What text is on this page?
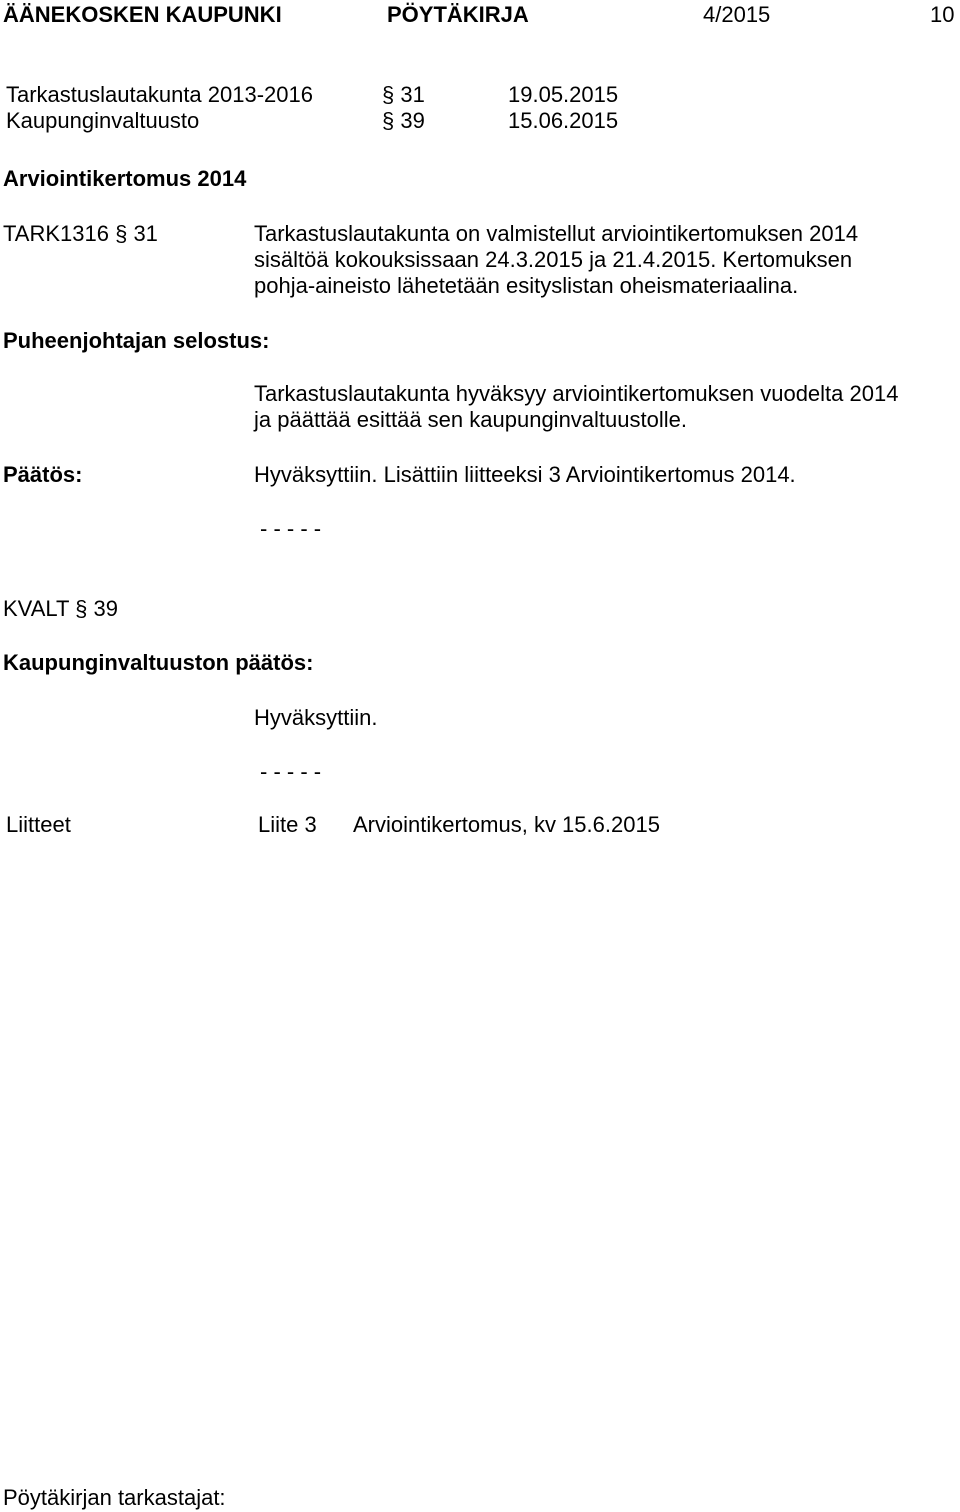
ÄÄNEKOSKEN KAUPUNKI	PÖYTÄKIRJA	4/2015	10
Tarkastuslautakunta 2013-2016	§ 31	19.05.2015
Kaupunginvaltuusto	§ 39	15.06.2015
Arviointikertomus 2014
TARK1316 § 31	Tarkastuslautakunta on valmistellut arviointikertomuksen 2014
sisältöä kokouksissaan 24.3.2015 ja 21.4.2015. Kertomuksen
pohja-aineisto lähetetään esityslistan oheismateriaalina.
Puheenjohtajan selostus:
Tarkastuslautakunta hyväksyy arviointikertomuksen vuodelta 2014
ja päättää esittää sen kaupunginvaltuustolle.
Päätös:	Hyväksyttiin. Lisättiin liitteeksi 3 Arviointikertomus 2014.
- - - - -
KVALT § 39
Kaupunginvaltuuston päätös:
Hyväksyttiin.
- - - - -
Liitteet	Liite 3 Arviointikertomus, kv 15.6.2015
Pöytäkirjan tarkastajat:
